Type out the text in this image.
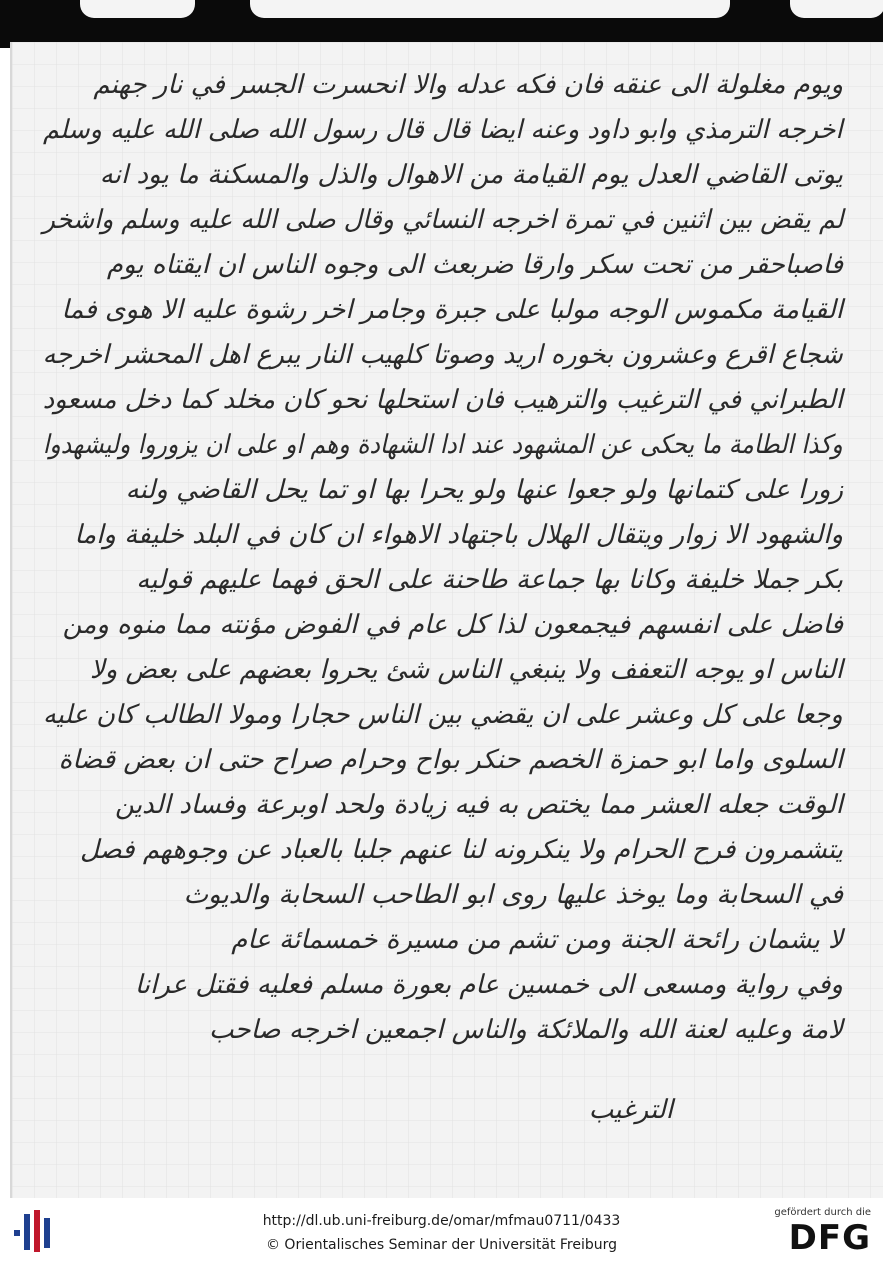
ويوم مغلولة الى عنقه فان فكه عدله والا انحسرت الجسر في نار جهنم
اخرجه الترمذي وابو داود وعنه ايضا قال قال رسول الله صلى الله عليه وسلم
يوتى القاضي العدل يوم القيامة من الاهوال والذل والمسكنة ما يود انه
لم يقض بين اثنين في تمرة اخرجه النسائي وقال صلى الله عليه وسلم واشخر
فاصباحقر من تحت سكر وارقا ضربعث الى وجوه الناس ان ايقتاه يوم
القيامة مكموس الوجه مولبا على جبرة وجامر اخر رشوة عليه الا هوى فما
شجاع اقرع وعشرون بخوره اريد وصوتا كلهيب النار يبرع اهل المحشر اخرجه
الطبراني في الترغيب والترهيب فان استحلها نحو كان مخلد كما دخل مسعود
وكذا الطامة ما يحكى عن المشهود عند ادا الشهادة وهم او على ان يزوروا وليشهدوا
زورا على كتمانها ولو جعوا عنها ولو يحرا بها او تما يحل القاضي ولنه
والشهود الا زوار ويتقال الهلال باجتهاد الاهواء ان كان في البلد خليفة واما
بكر جملا خليفة وكانا بها جماعة طاحنة على الحق فهما عليهم قوليه
فاضل على انفسهم فيجمعون لذا كل عام في الفوض مؤنته مما منوه ومن
الناس او يوجه التعفف ولا ينبغي الناس شئ يحروا بعضهم على بعض ولا
وجعا على كل وعشر على ان يقضي بين الناس حجارا ومولا الطالب كان عليه
السلوى واما ابو حمزة الخصم حنكر بواح وحرام صراح حتى ان بعض قضاة
الوقت جعله العشر مما يختص به فيه زيادة ولحد اوبرعة وفساد الدين
يتشمرون فرح الحرام ولا ينكرونه لنا عنهم جلبا بالعباد عن وجوههم فصل
في السحابة وما يوخذ عليها روى ابو الطاحب السحابة والديوث
لا يشمان رائحة الجنة ومن تشم من مسيرة خمسمائة عام
وفي رواية ومسعى الى خمسين عام بعورة مسلم فعليه فقتل عرانا
لامة وعليه لعنة الله والملائكة والناس اجمعين اخرجه صاحب
الترغيب
http://dl.ub.uni-freiburg.de/omar/mfmau0711/0433
© Orientalisches Seminar der Universität Freiburg
gefördert durch die
DFG
